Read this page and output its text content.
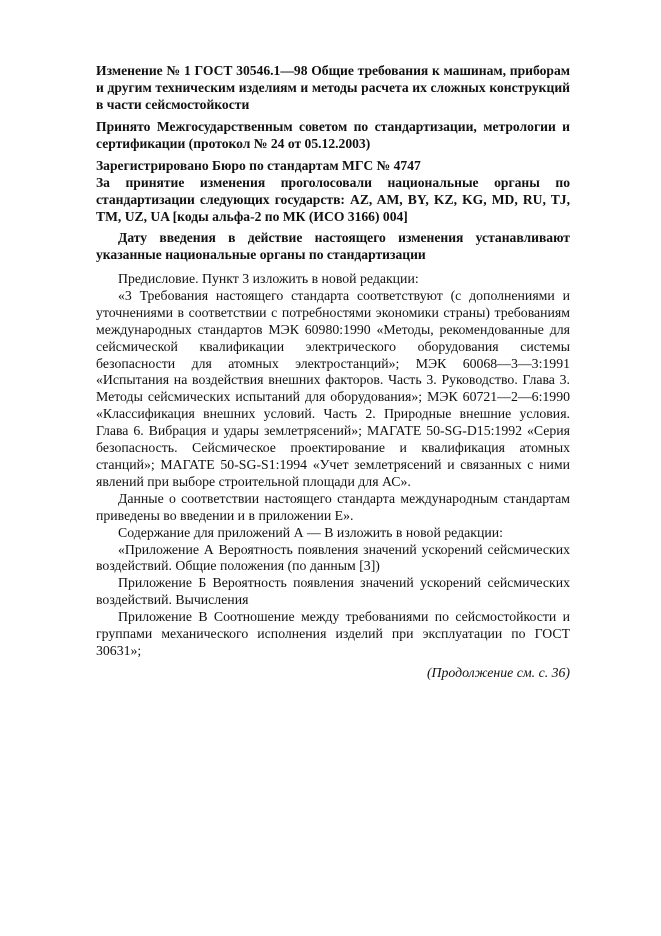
Изменение № 1 ГОСТ 30546.1—98 Общие требования к машинам, приборам и другим техническим изделиям и методы расчета их сложных конструкций в части сейсмостойкости

Принято Межгосударственным советом по стандартизации, метрологии и сертификации (протокол № 24 от 05.12.2003)

Зарегистрировано Бюро по стандартам МГС № 4747

За принятие изменения проголосовали национальные органы по стандартизации следующих государств: AZ, AM, BY, KZ, KG, MD, RU, TJ, TM, UZ, UA [коды альфа-2 по МК (ИСО 3166) 004]

Дату введения в действие настоящего изменения устанавливают указанные национальные органы по стандартизации

Предисловие. Пункт 3 изложить в новой редакции:

«3 Требования настоящего стандарта соответствуют (с дополнениями и уточнениями в соответствии с потребностями экономики страны) требованиям международных стандартов МЭК 60980:1990 «Методы, рекомендованные для сейсмической квалификации электрического оборудования системы безопасности для атомных электростанций»; МЭК 60068—3—3:1991 «Испытания на воздействия внешних факторов. Часть 3. Руководство. Глава 3. Методы сейсмических испытаний для оборудования»; МЭК 60721—2—6:1990 «Классификация внешних условий. Часть 2. Природные внешние условия. Глава 6. Вибрация и удары землетрясений»; МАГАТЕ 50-SG-D15:1992 «Серия безопасность. Сейсмическое проектирование и квалификация атомных станций»; МАГАТЕ 50-SG-S1:1994 «Учет землетрясений и связанных с ними явлений при выборе строительной площади для АС».

Данные о соответствии настоящего стандарта международным стандартам приведены во введении и в приложении Е».

Содержание для приложений А — В изложить в новой редакции:

«Приложение А Вероятность появления значений ускорений сейсмических воздействий. Общие положения (по данным [3])

Приложение Б Вероятность появления значений ускорений сейсмических воздействий. Вычисления

Приложение В Соотношение между требованиями по сейсмостойкости и группами механического исполнения изделий при эксплуатации по ГОСТ 30631»;

(Продолжение см. с. 36)
